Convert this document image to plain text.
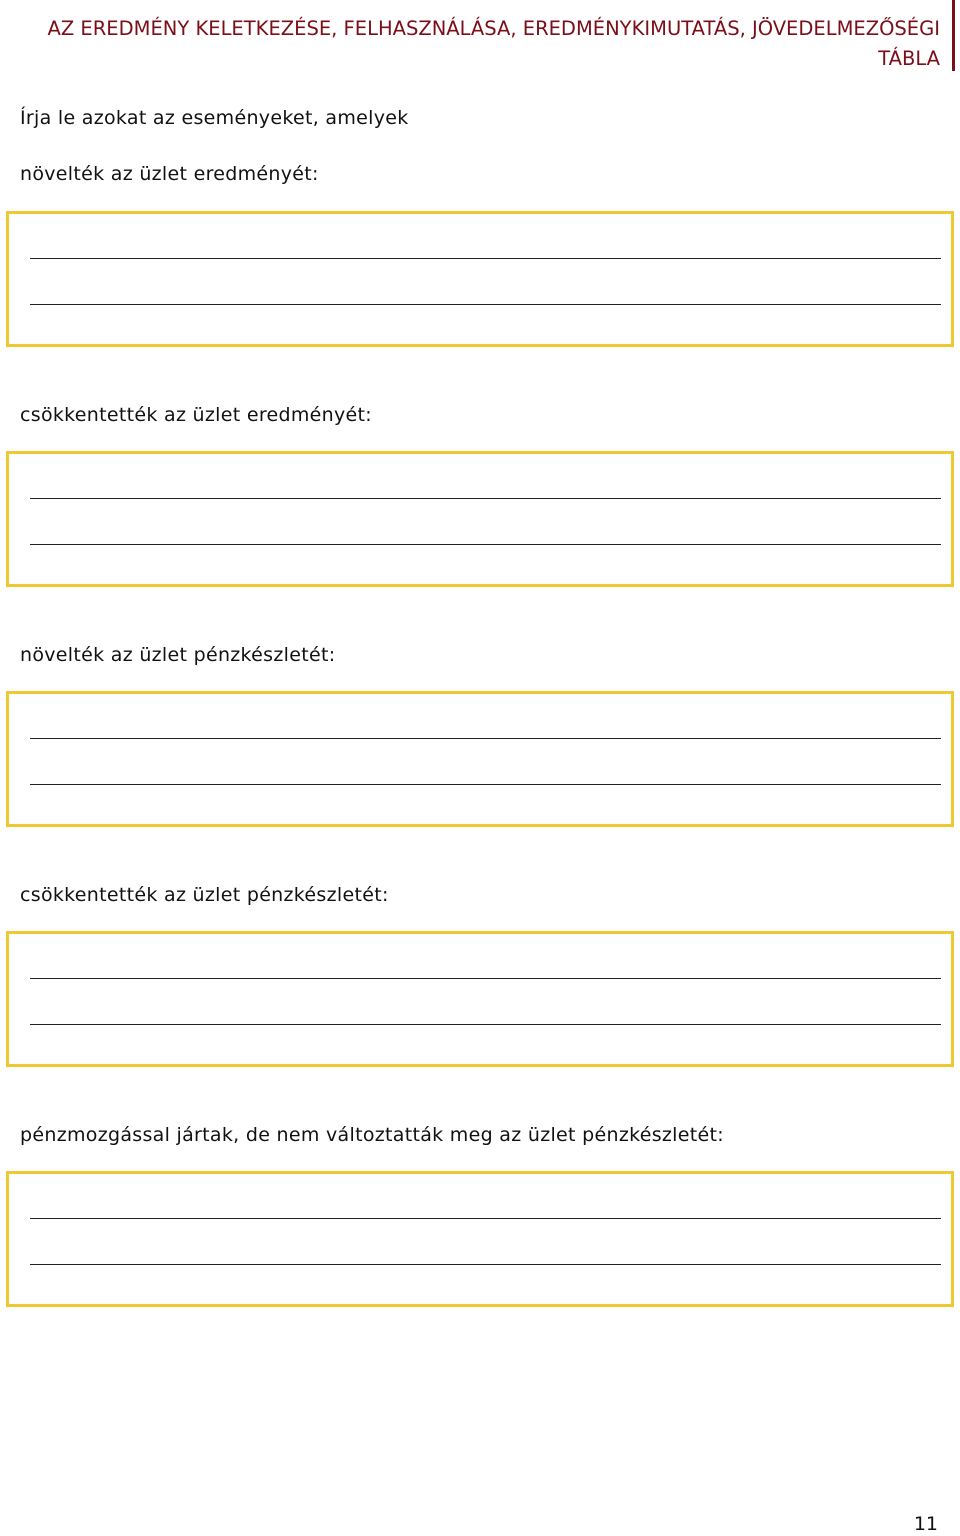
AZ EREDMÉNY KELETKEZÉSE, FELHASZNÁLÁSA, EREDMÉNYKIMUTATÁS, JÖVEDELMEZŐSÉGI
TÁBLA
Írja le azokat az eseményeket, amelyek
növelték az üzlet eredményét:
csökkentették az üzlet eredményét:
növelték az üzlet pénzkészletét:
csökkentették az üzlet pénzkészletét:
pénzmozgással jártak, de nem változtatták meg az üzlet pénzkészletét:
11
